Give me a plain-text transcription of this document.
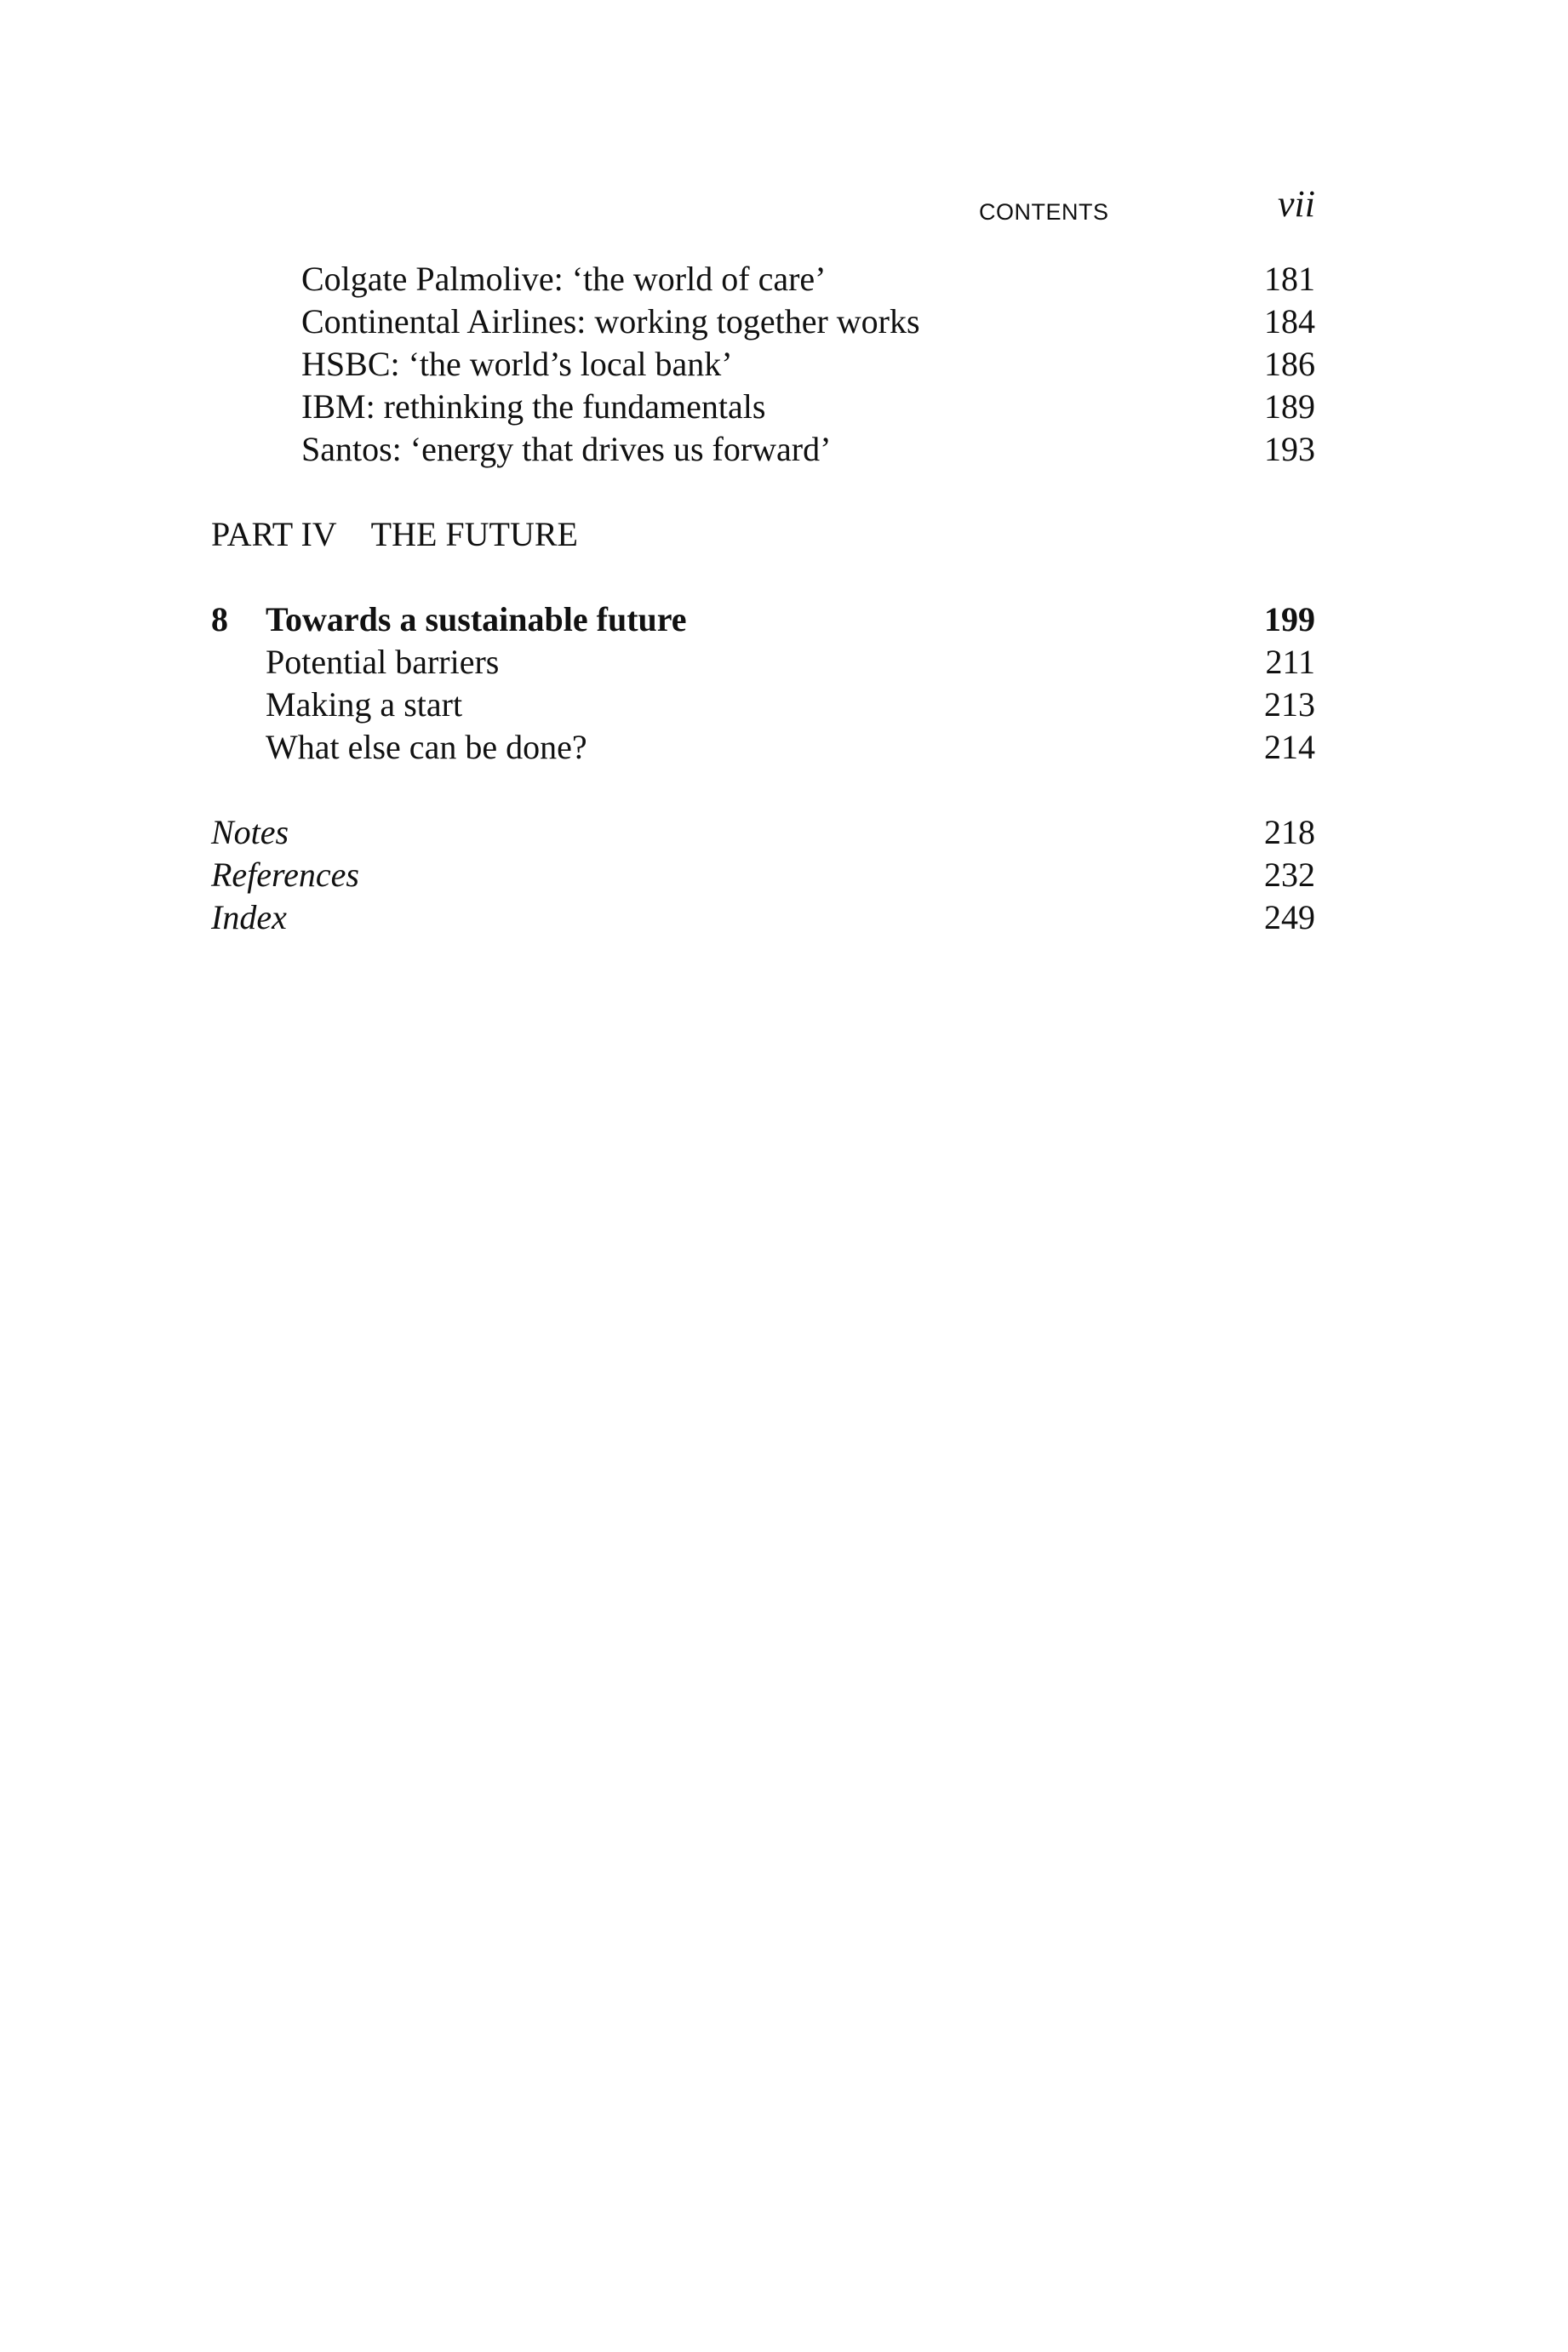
CONTENTS	vii
Colgate Palmolive: ‘the world of care’	181
Continental Airlines: working together works	184
HSBC: ‘the world’s local bank’	186
IBM: rethinking the fundamentals	189
Santos: ‘energy that drives us forward’	193
PART IV THE FUTURE
8 Towards a sustainable future	199
Potential barriers	211
Making a start	213
What else can be done?	214
Notes	218
References	232
Index	249
